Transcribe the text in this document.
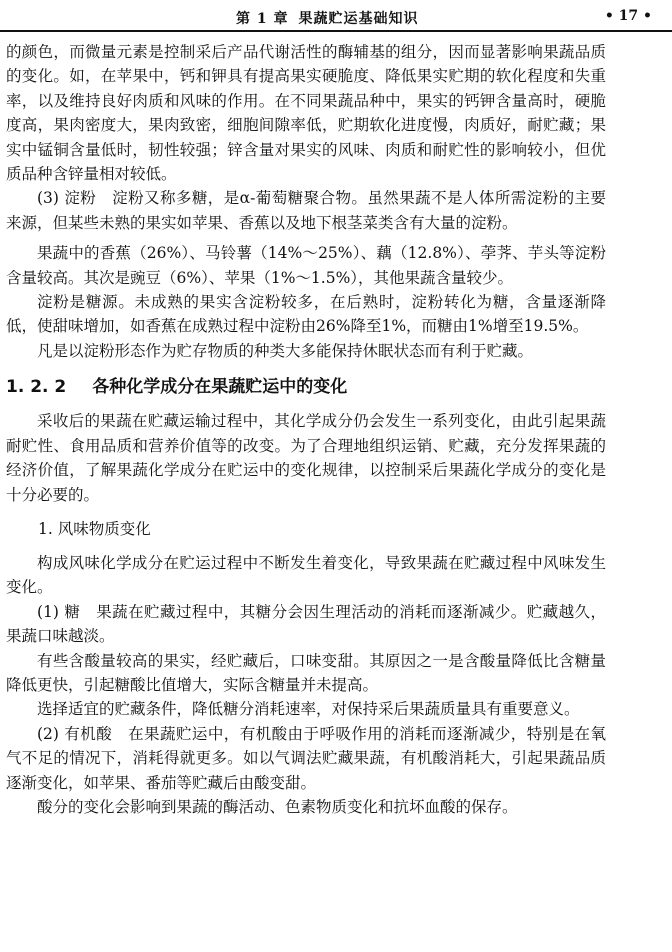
第 1 章 果蔬贮运基础知识	• 17 •

的颜色，而微量元素是控制采后产品代谢活性的酶辅基的组分，因而显著影响果蔬品质的变化。如，在苹果中，钙和钾具有提高果实硬脆度、降低果实贮期的软化程度和失重率，以及维持良好肉质和风味的作用。在不同果蔬品种中，果实的钙钾含量高时，硬脆度高，果肉密度大，果肉致密，细胞间隙率低，贮期软化进度慢，肉质好，耐贮藏；果实中锰铜含量低时，韧性较强；锌含量对果实的风味、肉质和耐贮性的影响较小，但优质品种含锌量相对较低。

(3) 淀粉　淀粉又称多糖，是α-葡萄糖聚合物。虽然果蔬不是人体所需淀粉的主要来源，但某些未熟的果实如苹果、香蕉以及地下根茎菜类含有大量的淀粉。

果蔬中的香蕉（26%）、马铃薯（14%～25%）、藕（12.8%）、荸荠、芋头等淀粉含量较高。其次是豌豆（6%）、苹果（1%～1.5%），其他果蔬含量较少。

淀粉是糖源。未成熟的果实含淀粉较多，在后熟时，淀粉转化为糖，含量逐渐降低，使甜味增加，如香蕉在成熟过程中淀粉由26%降至1%，而糖由1%增至19.5%。

凡是以淀粉形态作为贮存物质的种类大多能保持休眠状态而有利于贮藏。

1. 2. 2 各种化学成分在果蔬贮运中的变化

采收后的果蔬在贮藏运输过程中，其化学成分仍会发生一系列变化，由此引起果蔬耐贮性、食用品质和营养价值等的改变。为了合理地组织运销、贮藏，充分发挥果蔬的经济价值，了解果蔬化学成分在贮运中的变化规律，以控制采后果蔬化学成分的变化是十分必要的。

1. 风味物质变化

构成风味化学成分在贮运过程中不断发生着变化，导致果蔬在贮藏过程中风味发生变化。

(1) 糖　果蔬在贮藏过程中，其糖分会因生理活动的消耗而逐渐减少。贮藏越久，果蔬口味越淡。

有些含酸量较高的果实，经贮藏后，口味变甜。其原因之一是含酸量降低比含糖量降低更快，引起糖酸比值增大，实际含糖量并未提高。

选择适宜的贮藏条件，降低糖分消耗速率，对保持采后果蔬质量具有重要意义。

(2) 有机酸　在果蔬贮运中，有机酸由于呼吸作用的消耗而逐渐减少，特别是在氧气不足的情况下，消耗得就更多。如以气调法贮藏果蔬，有机酸消耗大，引起果蔬品质逐渐变化，如苹果、番茄等贮藏后由酸变甜。

酸分的变化会影响到果蔬的酶活动、色素物质变化和抗坏血酸的保存。
